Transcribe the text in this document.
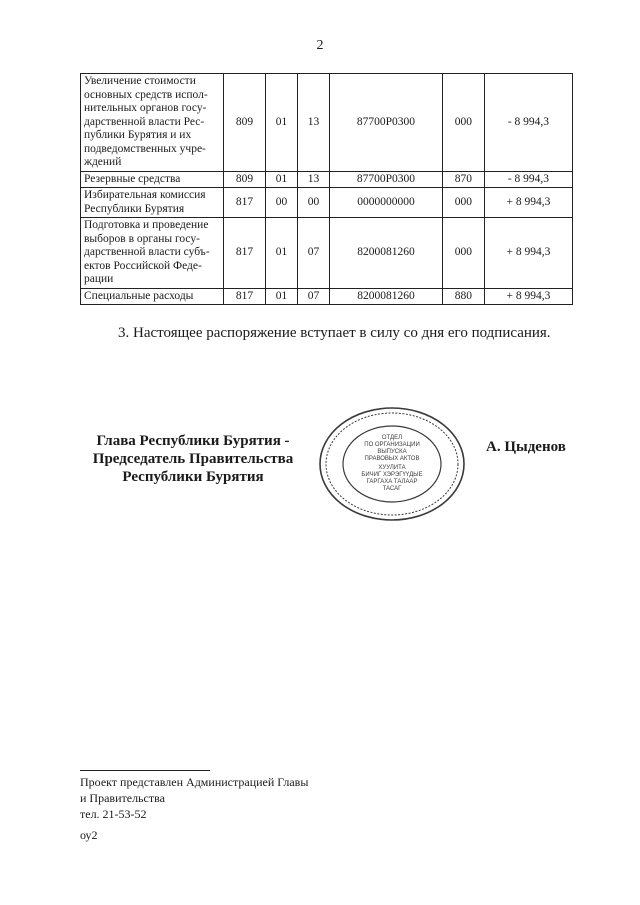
2
Увеличение стоимости основных средств испол-нительных органов госу-дарственной власти Рес-публики Бурятия и их подведомственных учре-ждений	809	01	13	87700Р0300	000	- 8 994,3
Резервные средства	809	01	13	87700Р0300	870	- 8 994,3
Избирательная комиссия Республики Бурятия	817	00	00	0000000000	000	+ 8 994,3
Подготовка и проведение выборов в органы госу-дарственной власти субъ-ектов Российской Феде-рации	817	01	07	8200081260	000	+ 8 994,3
Специальные расходы	817	01	07	8200081260	880	+ 8 994,3
3. Настоящее распоряжение вступает в силу со дня его подписания.
Глава Республики Бурятия -
Председатель Правительства
Республики Бурятия
ОТДЕЛ
ПО ОРГАНИЗАЦИИ
ВЫПУСКА
ПРАВОВЫХ АКТОВ
ХУУЛИТА
БИЧИГ ХЭРЭГҮҮДЫЕ
ГАРГАХА ТАЛААР
ТАСАГ
А. Цыденов
Проект представлен Администрацией Главы
и Правительства
тел. 21-53-52
оу2
